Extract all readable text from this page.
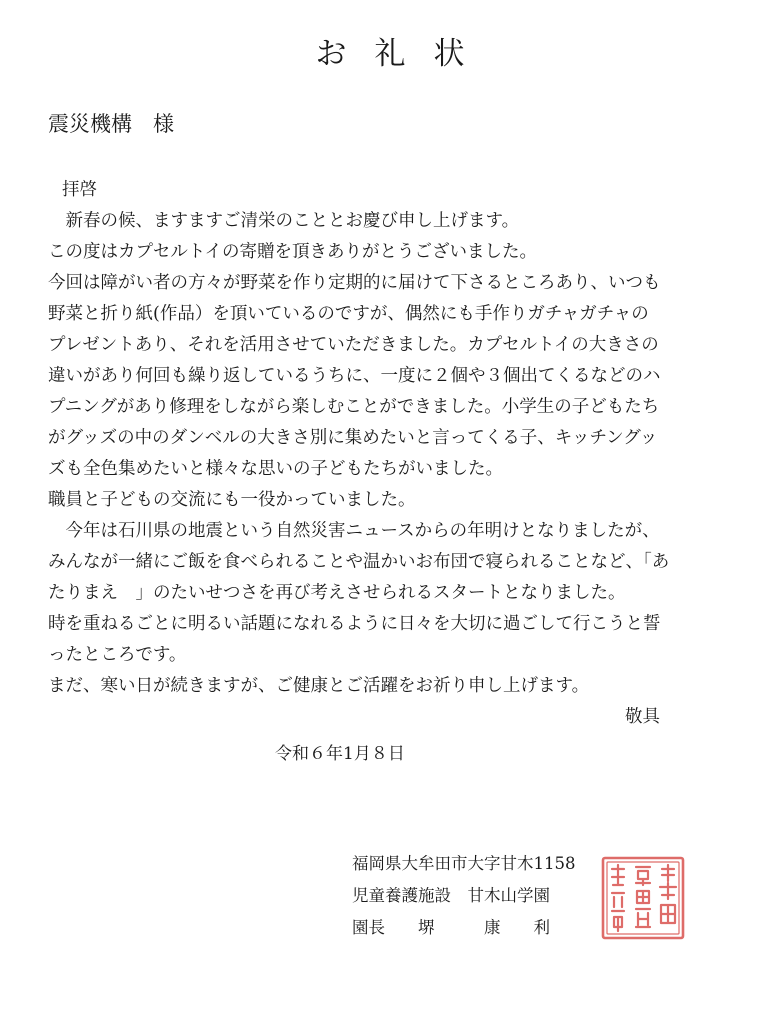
お礼状
震災機構　様
拝啓
　新春の候、ますますご清栄のこととお慶び申し上げます。
この度はカプセルトイの寄贈を頂きありがとうございました。
今回は障がい者の方々が野菜を作り定期的に届けて下さるところあり、いつも
野菜と折り紙(作品）を頂いているのですが、偶然にも手作りガチャガチャの
プレゼントあり、それを活用させていただきました。カプセルトイの大きさの
違いがあり何回も繰り返しているうちに、一度に２個や３個出てくるなどのハ
プニングがあり修理をしながら楽しむことができました。小学生の子どもたち
がグッズの中のダンベルの大きさ別に集めたいと言ってくる子、キッチングッ
ズも全色集めたいと様々な思いの子どもたちがいました。
職員と子どもの交流にも一役かっていました。
　今年は石川県の地震という自然災害ニュースからの年明けとなりましたが、
みんなが一緒にご飯を食べられることや温かいお布団で寝られることなど、「あ
たりまえ　」のたいせつさを再び考えさせられるスタートとなりました。
時を重ねるごとに明るい話題になれるように日々を大切に過ごして行こうと誓
ったところです。
まだ、寒い日が続きますが、ご健康とご活躍をお祈り申し上げます。
敬具
令和６年1月８日
福岡県大牟田市大字甘木1158
児童養護施設　甘木山学園
園長　　堺　　　康　　利
